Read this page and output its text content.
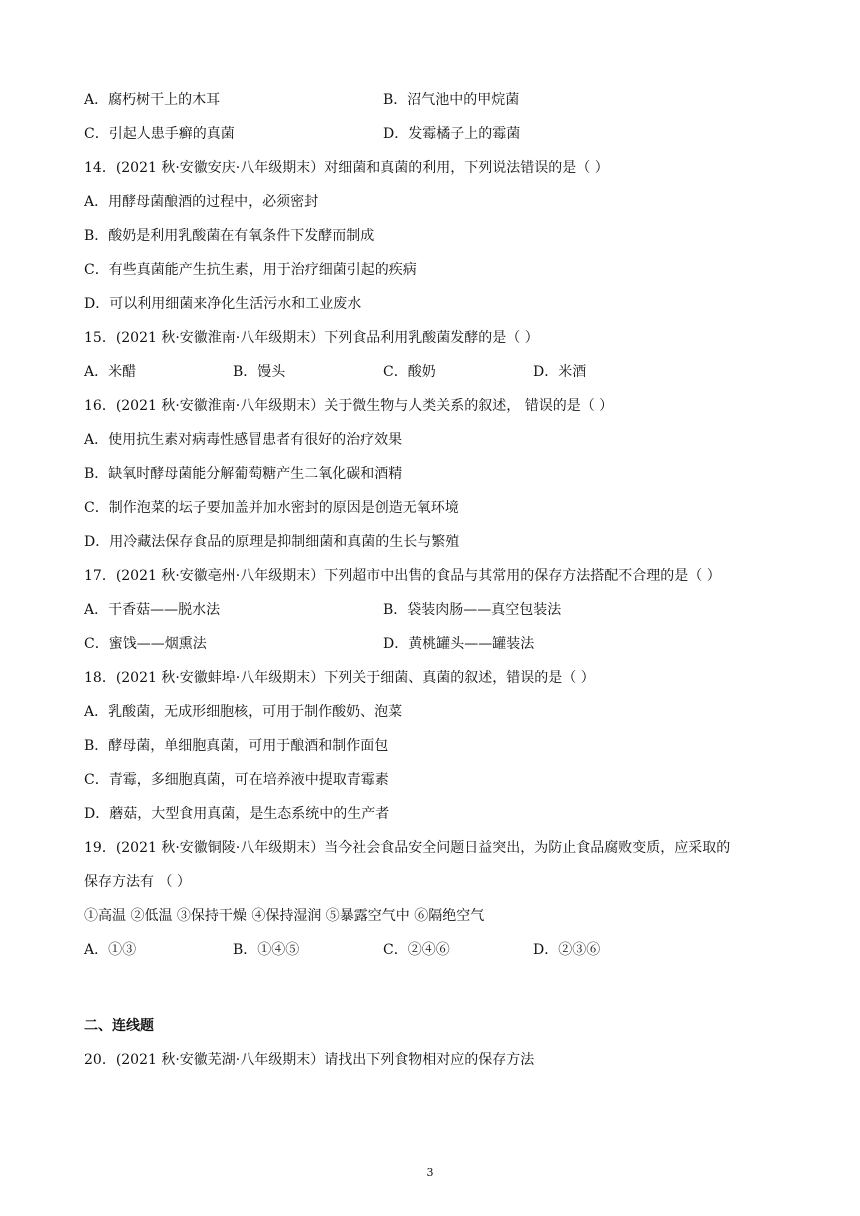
A．腐朽树干上的木耳	B．沼气池中的甲烷菌
C．引起人患手癣的真菌	D．发霉橘子上的霉菌
14．(2021 秋·安徽安庆·八年级期末）对细菌和真菌的利用，下列说法错误的是（ ）
A．用酵母菌酿酒的过程中，必须密封
B．酸奶是利用乳酸菌在有氧条件下发酵而制成
C．有些真菌能产生抗生素，用于治疗细菌引起的疾病
D．可以利用细菌来净化生活污水和工业废水
15．(2021 秋·安徽淮南·八年级期末）下列食品利用乳酸菌发酵的是（ ）
A．米醋	B．馒头	C．酸奶	D．米酒
16．(2021 秋·安徽淮南·八年级期末）关于微生物与人类关系的叙述， 错误的是（ ）
A．使用抗生素对病毒性感冒患者有很好的治疗效果
B．缺氧时酵母菌能分解葡萄糖产生二氧化碳和酒精
C．制作泡菜的坛子要加盖并加水密封的原因是创造无氧环境
D．用冷藏法保存食品的原理是抑制细菌和真菌的生长与繁殖
17．(2021 秋·安徽亳州·八年级期末）下列超市中出售的食品与其常用的保存方法搭配不合理的是（ ）
A．干香菇——脱水法	B．袋装肉肠——真空包装法
C．蜜饯——烟熏法	D．黄桃罐头——罐装法
18．(2021 秋·安徽蚌埠·八年级期末）下列关于细菌、真菌的叙述，错误的是（ ）
A．乳酸菌，无成形细胞核，可用于制作酸奶、泡菜
B．酵母菌，单细胞真菌，可用于酿酒和制作面包
C．青霉，多细胞真菌，可在培养液中提取青霉素
D．蘑菇，大型食用真菌，是生态系统中的生产者
19．(2021 秋·安徽铜陵·八年级期末）当今社会食品安全问题日益突出，为防止食品腐败变质，应采取的
保存方法有 （ ）
①高温 ②低温 ③保持干燥 ④保持湿润 ⑤暴露空气中 ⑥隔绝空气
A．①③	B．①④⑤	C．②④⑥	D．②③⑥
二、连线题
20．(2021 秋·安徽芜湖·八年级期末）请找出下列食物相对应的保存方法
3
